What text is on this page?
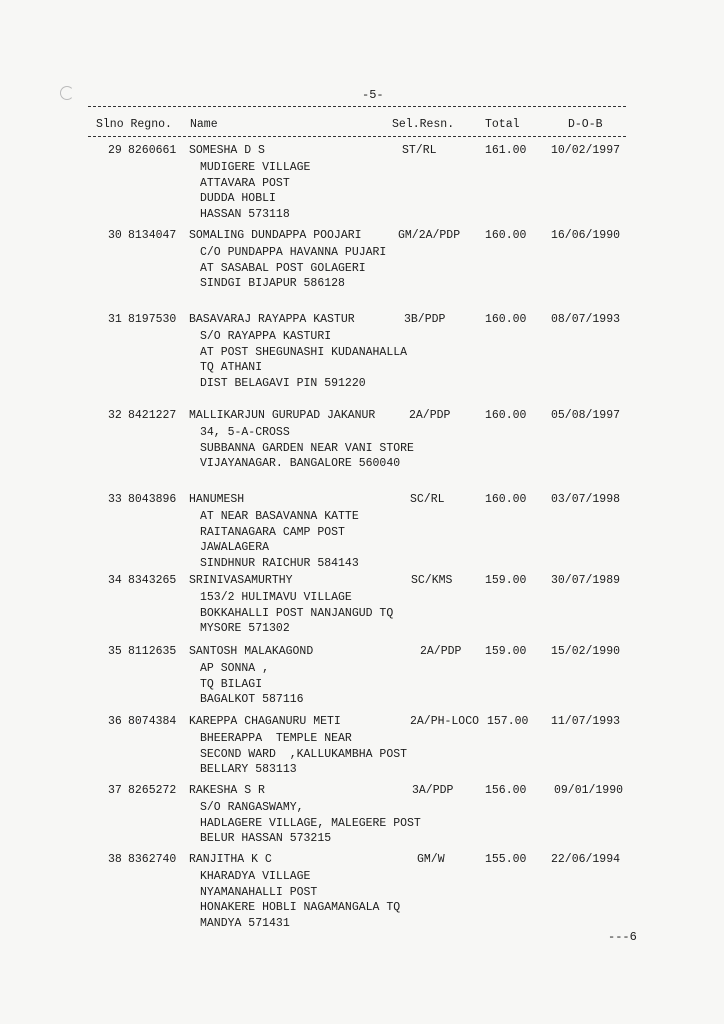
-5-
Slno Regno. Name	Sel.Resn.	Total	D-O-B
29 8260661 SOMESHA D S	ST/RL	161.00 10/02/1997
MUDIGERE VILLAGE
ATTAVARA POST
DUDDA HOBLI
HASSAN 573118
30 8134047 SOMALING DUNDAPPA POOJARI	GM/2A/PDP 160.00 16/06/1990
C/O PUNDAPPA HAVANNA PUJARI
AT SASABAL POST GOLAGERI
SINDGI BIJAPUR 586128
31 8197530 BASAVARAJ RAYAPPA KASTUR	3B/PDP	160.00 08/07/1993
S/O RAYAPPA KASTURI
AT POST SHEGUNASHI KUDANAHALLA
TQ ATHANI
DIST BELAGAVI PIN 591220
32 8421227 MALLIKARJUN GURUPAD JAKANUR	2A/PDP	160.00 05/08/1997
34, 5-A-CROSS
SUBBANNA GARDEN NEAR VANI STORE
VIJAYANAGAR. BANGALORE 560040
33 8043896 HANUMESH	SC/RL	160.00 03/07/1998
AT NEAR BASAVANNA KATTE
RAITANAGARA CAMP POST
JAWALAGERA
SINDHNUR RAICHUR 584143
34 8343265 SRINIVASAMURTHY	SC/KMS	159.00 30/07/1989
153/2 HULIMAVU VILLAGE
BOKKAHALLI POST NANJANGUD TQ
MYSORE 571302
35 8112635 SANTOSH MALAKAGOND	2A/PDP 159.00 15/02/1990
AP SONNA ,
TQ BILAGI
BAGALKOT 587116
36 8074384 KAREPPA CHAGANURU METI	2A/PH-LOCO 157.00 11/07/1993
BHEERAPPA  TEMPLE NEAR
SECOND WARD  ,KALLUKAMBHA POST
BELLARY 583113
37 8265272 RAKESHA S R	3A/PDP	156.00 09/01/1990
S/O RANGASWAMY,
HADLAGERE VILLAGE, MALEGERE POST
BELUR HASSAN 573215
38 8362740 RANJITHA K C	GM/W	155.00 22/06/1994
KHARADYA VILLAGE
NYAMANAHALLI POST
HONAKERE HOBLI NAGAMANGALA TQ
MANDYA 571431
---6
